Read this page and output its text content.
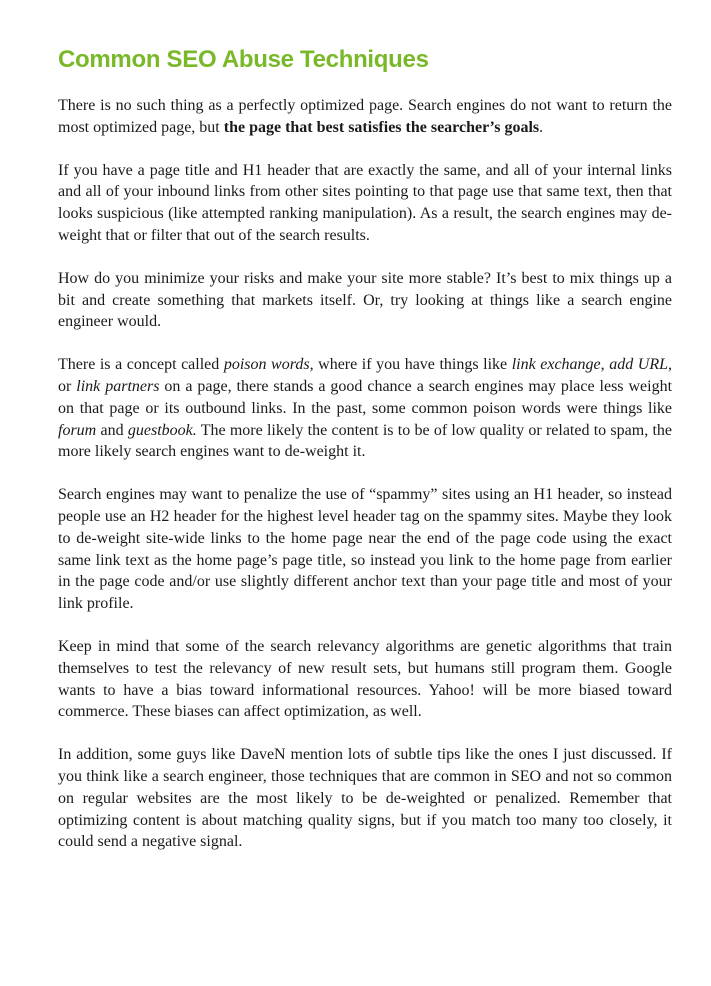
Common SEO Abuse Techniques

There is no such thing as a perfectly optimized page. Search engines do not want to return the most optimized page, but the page that best satisfies the searcher’s goals.

If you have a page title and H1 header that are exactly the same, and all of your internal links and all of your inbound links from other sites pointing to that page use that same text, then that looks suspicious (like attempted ranking manipulation). As a result, the search engines may de-weight that or filter that out of the search results.

How do you minimize your risks and make your site more stable? It’s best to mix things up a bit and create something that markets itself. Or, try looking at things like a search engine engineer would.

There is a concept called poison words, where if you have things like link exchange, add URL, or link partners on a page, there stands a good chance a search engines may place less weight on that page or its outbound links. In the past, some common poison words were things like forum and guestbook. The more likely the content is to be of low quality or related to spam, the more likely search engines want to de-weight it.

Search engines may want to penalize the use of “spammy” sites using an H1 header, so instead people use an H2 header for the highest level header tag on the spammy sites. Maybe they look to de-weight site-wide links to the home page near the end of the page code using the exact same link text as the home page’s page title, so instead you link to the home page from earlier in the page code and/or use slightly different anchor text than your page title and most of your link profile.

Keep in mind that some of the search relevancy algorithms are genetic algorithms that train themselves to test the relevancy of new result sets, but humans still program them. Google wants to have a bias toward informational resources. Yahoo! will be more biased toward commerce. These biases can affect optimization, as well.

In addition, some guys like DaveN mention lots of subtle tips like the ones I just discussed. If you think like a search engineer, those techniques that are common in SEO and not so common on regular websites are the most likely to be de-weighted or penalized. Remember that optimizing content is about matching quality signs, but if you match too many too closely, it could send a negative signal.
